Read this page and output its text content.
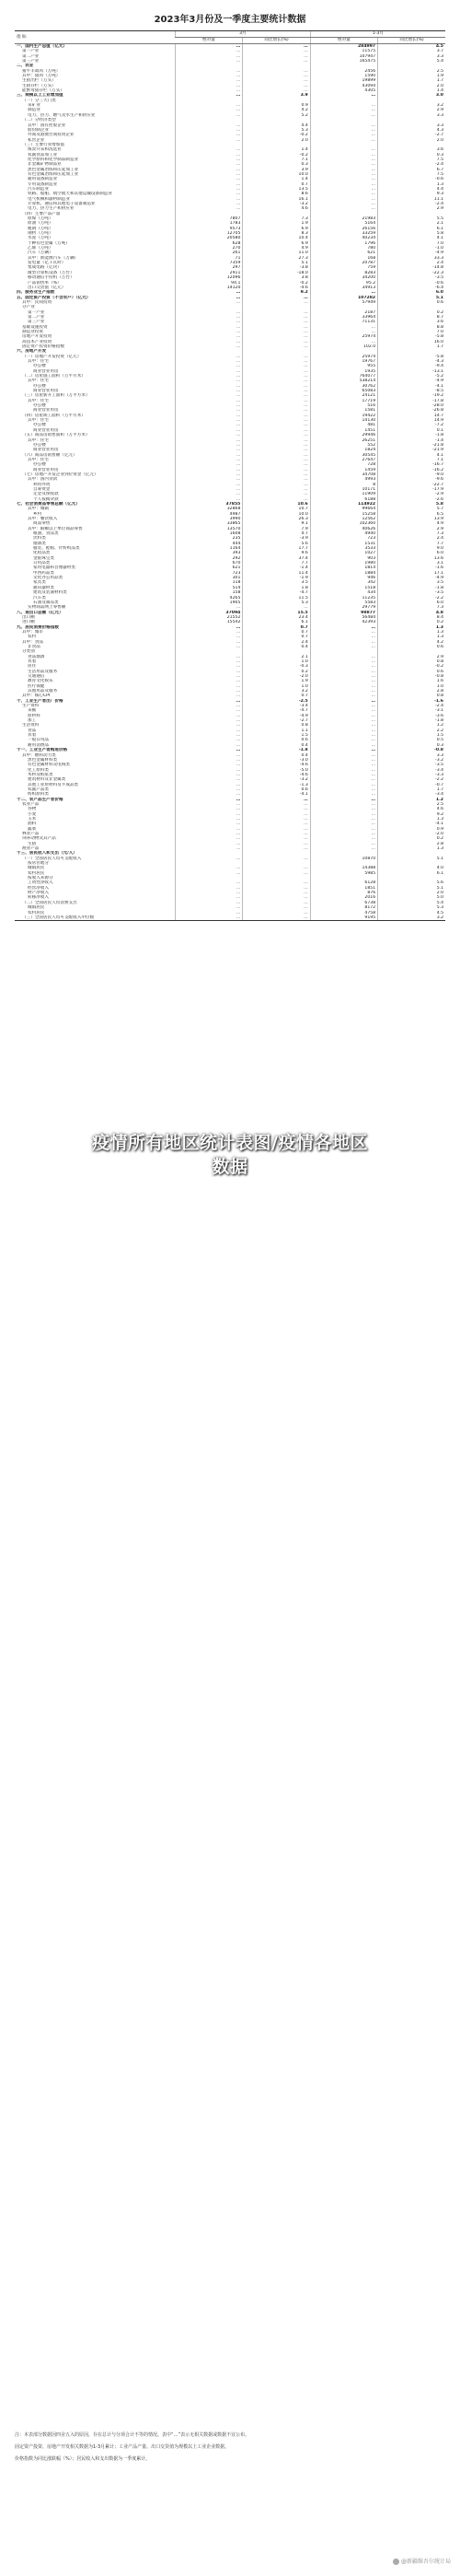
2023年3月份及一季度主要统计数据
指 标	3月		1-3月	
	绝对量	同比增长(%)	绝对量	同比增长(%)
一、国内生产总值（亿元）	…	…	284997	4.5
第一产业	…	…	11575	3.7
第二产业	…	…	107947	3.3
第三产业	…	…	165475	5.4
二、农业				
猪牛羊禽肉（万吨）	…	…	2456	2.5
其中：猪肉（万吨）	…	…	1590	1.9
生猪出栏（万头）	…	…	19899	1.7
生猪存栏（万头）	…	…	43094	2.0
能繁母猪存栏（万头）	…	…	4305	1.4
三、规模以上工业增加值	…	3.9	…	3.0
（一）分三大门类				
采矿业	…	0.9	…	3.2
制造业	…	4.2	…	2.9
电力、热力、燃气及水生产和供应业	…	5.2	…	3.3
（二）分经济类型				
其中：国有控股企业	…	4.4	…	3.3
股份制企业	…	5.3	…	4.3
外商及港澳台商投资企业	…	-0.2	…	-2.7
私营企业	…	2.0	…	2.0
（三）主要行业增加值				
煤炭开采和洗选业	…	1.4	…	3.6
农副食品加工业	…	-0.2	…	0.3
化学原料和化学制品制造业	…	7.1	…	7.5
非金属矿物制品业	…	0.3	…	-2.4
黑色金属冶炼和压延加工业	…	3.9	…	6.7
有色金属冶炼和压延加工业	…	10.0	…	7.5
通用设备制造业	…	1.4	…	-0.6
专用设备制造业	…	0.7	…	1.3
汽车制造业	…	13.5	…	4.4
铁路、船舶、航空航天和其他运输设备制造业	…	8.6	…	9.3
电气机械和器材制造业	…	16.1	…	11.1
计算机、通信和其他电子设备制造业	…	-3.2	…	-2.4
电力、热力生产和供应业	…	4.6	…	2.9
（四）主要产品产量				
原煤（万吨）	7807	7.3	21983	5.5
原油（万吨）	1783	1.9	5164	2.1
粗钢（万吨）	9573	6.9	26156	6.1
钢材（万吨）	12705	8.3	33259	5.8
水泥（万吨）	20580	10.4	40234	4.1
十种有色金属（万吨）	628	6.9	1796	7.0
乙烯（万吨）	270	4.9	780	-1.0
汽车（万辆）	261	11.0	621	-4.9
其中：新能源汽车（万辆）	71	27.3	168	33.3
发电量（亿千瓦时）	7359	5.1	20787	2.4
集成电路（亿块）	297	-3.8	759	-14.8
微型计算机设备（万台）	2911	-18.0	8283	-22.3
移动通信手持机（万台）	12096	3.8	34200	-3.5
产品销售率（%）	94.1	-0.2	95.2	-0.6
出口交货值（亿元）	14120	-4.6	34913	-6.4
四、服务业生产指数	…	9.2	…	6.0
五、固定资产投资（不含农户）（亿元）	…	…	107282	5.1
其中：民间投资	…	…	57949	0.6
分产业				
第一产业	…	…	2187	0.2
第二产业	…	…	33964	8.7
第三产业	…	…	71131	3.6
基础设施投资	…	…	…	8.8
制造业投资	…	…	…	7.0
房地产开发投资	…	…	25974	-5.8
高技术产业投资	…	…	…	16.0
固定资产投资价格指数	…	…	102.0	1.7
六、房地产开发				
（一）房地产开发投资（亿元）	…	…	25974	-5.8
其中：住宅	…	…	19767	-4.3
办公楼	…	…	955	-9.4
商业营业用房	…	…	1935	-13.1
（二）房屋施工面积（万平方米）	…	…	764077	-5.2
其中：住宅	…	…	538214	-4.9
办公楼	…	…	30762	-4.1
商业营业用房	…	…	65083	-8.5
（三）房屋新开工面积（万平方米）	…	…	24121	-19.2
其中：住宅	…	…	17719	-17.8
办公楼	…	…	516	-28.0
商业营业用房	…	…	1581	-26.8
（四）房屋竣工面积（万平方米）	…	…	19422	14.7
其中：住宅	…	…	14130	14.9
办公楼	…	…	481	-7.2
商业营业用房	…	…	1451	0.1
（五）商品房销售面积（万平方米）	…	…	29946	-1.8
其中：住宅	…	…	26251	-1.4
办公楼	…	…	552	-21.8
商业营业用房	…	…	1824	-21.9
（六）商品房销售额（亿元）	…	…	30545	4.1
其中：住宅	…	…	27647	7.1
办公楼	…	…	728	-16.7
商业营业用房	…	…	1459	-16.2
（七）房地产开发企业到位资金（亿元）	…	…	34708	-9.0
其中：国内贷款	…	…	4993	-9.6
利用外资	…	…	8	-22.7
自筹资金	…	…	10171	-17.9
定金及预收款	…	…	11909	-2.9
个人按揭贷款	…	…	6188	-2.6
七、社会消费品零售总额（亿元）	37855	10.6	114922	5.8
其中：城镇	32868	10.7	99664	5.7
乡村	4987	10.0	15258	6.5
其中：餐饮收入	3990	26.3	12562	13.9
商品零售	33865	9.1	102360	4.9
其中：限额以上单位商品零售	13570	7.9	40626	2.9
粮油、食品类	1608	4.7	4940	7.3
饮料类	235	-3.9	723	2.4
烟酒类	444	5.6	1531	7.7
服装、鞋帽、针纺织品类	1164	17.7	3533	9.0
化妆品类	393	9.6	1027	6.0
金银珠宝类	292	37.4	903	13.6
日用品类	670	7.7	1980	3.1
家用电器和音像器材类	621	-1.4	1814	-1.6
中西药品类	723	11.4	1884	17.1
文化办公用品类	301	-1.9	946	-4.9
家具类	118	3.5	342	3.5
通讯器材类	514	1.8	1518	-1.8
建筑及装潢材料类	158	-4.7	434	-3.5
汽车类	4265	11.5	11235	-2.2
石油及制品类	1905	5.3	5583	6.0
实物商品网上零售额	…	…	29779	7.3
八、进出口总额（亿元）	37094	15.5	98877	4.8
出口额	21552	23.4	56484	8.4
进口额	15542	6.1	42393	0.2
九、居民消费价格指数	…	0.7	…	1.3
其中：城市	…	0.7	…	1.3
农村	…	0.7	…	1.3
其中：食品	…	2.4	…	4.2
非食品	…	0.4	…	0.6
分类别				
食品烟酒	…	2.1	…	2.9
衣着	…	1.0	…	0.8
居住	…	-0.3	…	-0.2
生活用品及服务	…	0.2	…	0.6
交通通信	…	-2.0	…	-0.8
教育文化娱乐	…	1.9	…	1.6
医疗保健	…	1.0	…	1.0
其他用品及服务	…	3.2	…	2.8
其中：核心CPI	…	0.7	…	0.8
十、工业生产者出厂价格	…	-2.5	…	-1.6
生产资料	…	-3.4	…	-2.4
采掘	…	-4.7	…	-3.1
原材料	…	-4.9	…	-3.6
加工	…	-2.7	…	-1.8
生活资料	…	0.8	…	1.2
食品	…	1.1	…	2.2
衣着	…	1.5	…	1.5
一般日用品	…	0.6	…	0.5
耐用消费品	…	0.4	…	0.3
十一、工业生产者购进价格	…	-1.8	…	-0.8
其中：燃料动力类	…	0.4	…	3.3
黑色金属材料类	…	-3.0	…	-3.2
有色金属材料及电线类	…	-4.6	…	-3.5
化工原料类	…	-5.0	…	-3.4
木材及纸浆类	…	-4.6	…	-3.3
建筑材料及非金属类	…	-3.2	…	-2.2
其他工业原材料及半成品类	…	-1.3	…	-0.7
农副产品类	…	0.6	…	1.7
纺织原料类	…	-4.1	…	-3.4
十二、农产品生产者价格	…	…	…	1.2
农业产品	…	…	…	2.5
谷物	…	…	…	4.6
小麦	…	…	…	9.2
玉米	…	…	…	1.3
油料	…	…	…	-4.1
蔬菜	…	…	…	0.9
林业产品	…	…	…	-2.0
饲养动物及其产品	…	…	…	0.2
生猪	…	…	…	2.8
渔业产品	…	…	…	1.3
十三、居民收入和支出（元/人）				
（一）全国居民人均可支配收入	…	…	10870	5.1
按常住地分				
城镇居民	…	…	14388	4.0
农村居民	…	…	5985	6.1
按收入来源分				
工资性净收入	…	…	6128	5.6
经营净收入	…	…	1851	5.1
财产净收入	…	…	876	2.0
转移净收入	…	…	2016	5.0
（二）全国居民人均消费支出	…	…	6738	5.4
城镇居民	…	…	8172	5.3
农村居民	…	…	4758	4.5
（三）全国居民人均可支配收入中位数	…	…	9195	3.2
疫情所有地区统计表图/疫情各地区
数据

注：本表部分数据因四舍五入的原因，存在总计与分项合计不等的情况。表中“…”表示无相关数据或数据不宜公布。

固定资产投资、房地产开发相关数据为1-3月累计；工业产品产量、出口交货值为规模以上工业企业数据。

价格指数为同比涨跌幅（%）；居民收入和支出数据为一季度累计。

@新疆维吾尔统计局
